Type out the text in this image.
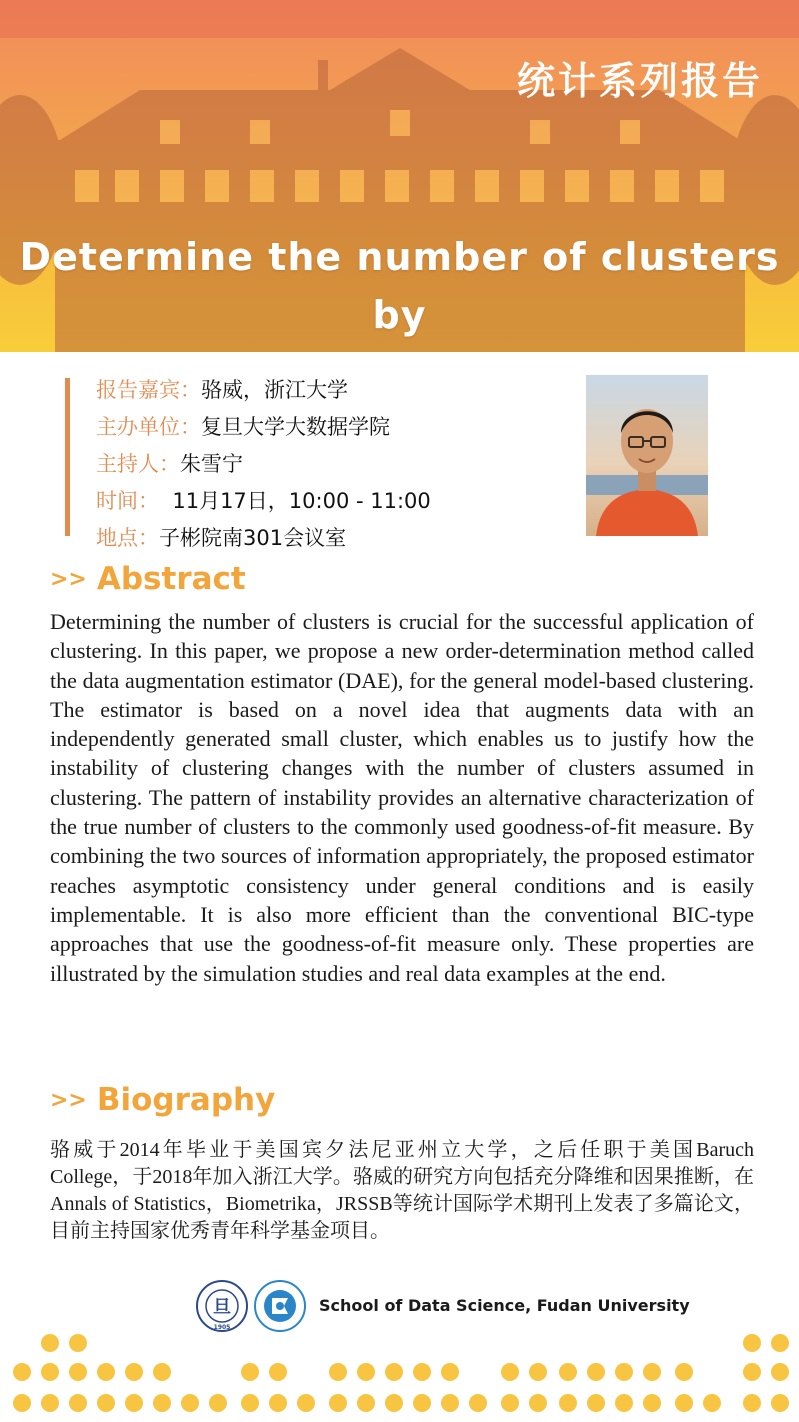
统计系列报告
Determine the number of clusters by

报告嘉宾：骆威，浙江大学
主办单位：复旦大学大数据学院
主持人：朱雪宁
时间：  11月17日，10:00 - 11:00
地点：子彬院南301会议室
>> Abstract

Determining the number of clusters is crucial for the successful application of clustering. In this paper, we propose a new order-determination method called the data augmentation estimator (DAE), for the general model-based clustering. The estimator is based on a novel idea that augments data with an independently generated small cluster, which enables us to justify how the instability of clustering changes with the number of clusters assumed in clustering. The pattern of instability provides an alternative characterization of the true number of clusters to the commonly used goodness-of-fit measure. By combining the two sources of information appropriately, the proposed estimator reaches asymptotic consistency under general conditions and is easily implementable. It is also more efficient than the conventional BIC-type approaches that use the goodness-of-fit measure only. These properties are illustrated by the simulation studies and real data examples at the end.

>> Biography

骆威于2014年毕业于美国宾夕法尼亚州立大学，之后任职于美国Baruch College，于2018年加入浙江大学。骆威的研究方向包括充分降维和因果推断，在Annals of Statistics，Biometrika，JRSSB等统计国际学术期刊上发表了多篇论文，目前主持国家优秀青年科学基金项目。

旦
1905

School of Data Science, Fudan University
